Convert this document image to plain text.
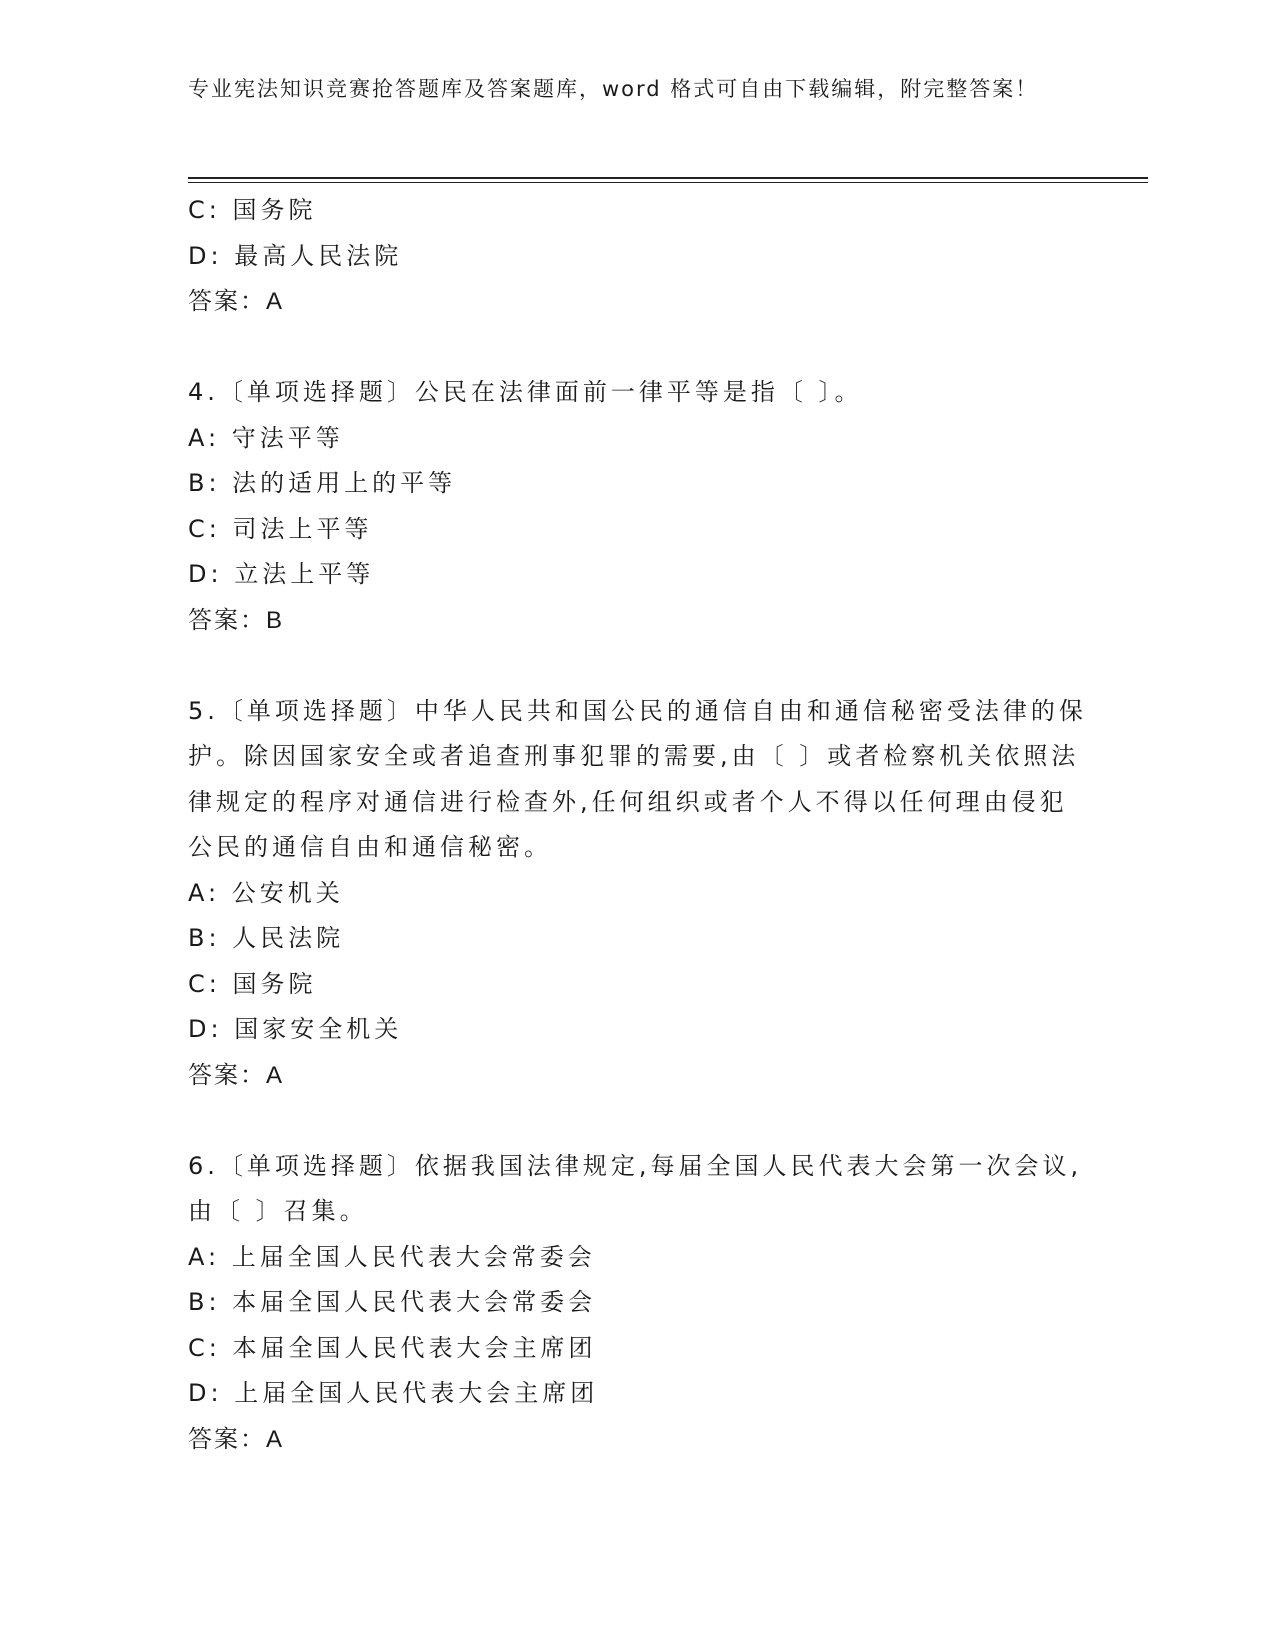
专业宪法知识竞赛抢答题库及答案题库，word 格式可自由下载编辑，附完整答案！
C: 国务院
D: 最高人民法院
答案：A
4.〔单项选择题〕公民在法律面前一律平等是指〔 〕。
A: 守法平等
B: 法的适用上的平等
C: 司法上平等
D: 立法上平等
答案：B
5.〔单项选择题〕中华人民共和国公民的通信自由和通信秘密受法律的保护。除因国家安全或者追查刑事犯罪的需要,由〔 〕或者检察机关依照法律规定的程序对通信进行检查外,任何组织或者个人不得以任何理由侵犯公民的通信自由和通信秘密。
A: 公安机关
B: 人民法院
C: 国务院
D: 国家安全机关
答案：A
6.〔单项选择题〕依据我国法律规定,每届全国人民代表大会第一次会议,由〔 〕召集。
A: 上届全国人民代表大会常委会
B: 本届全国人民代表大会常委会
C: 本届全国人民代表大会主席团
D: 上届全国人民代表大会主席团
答案：A
